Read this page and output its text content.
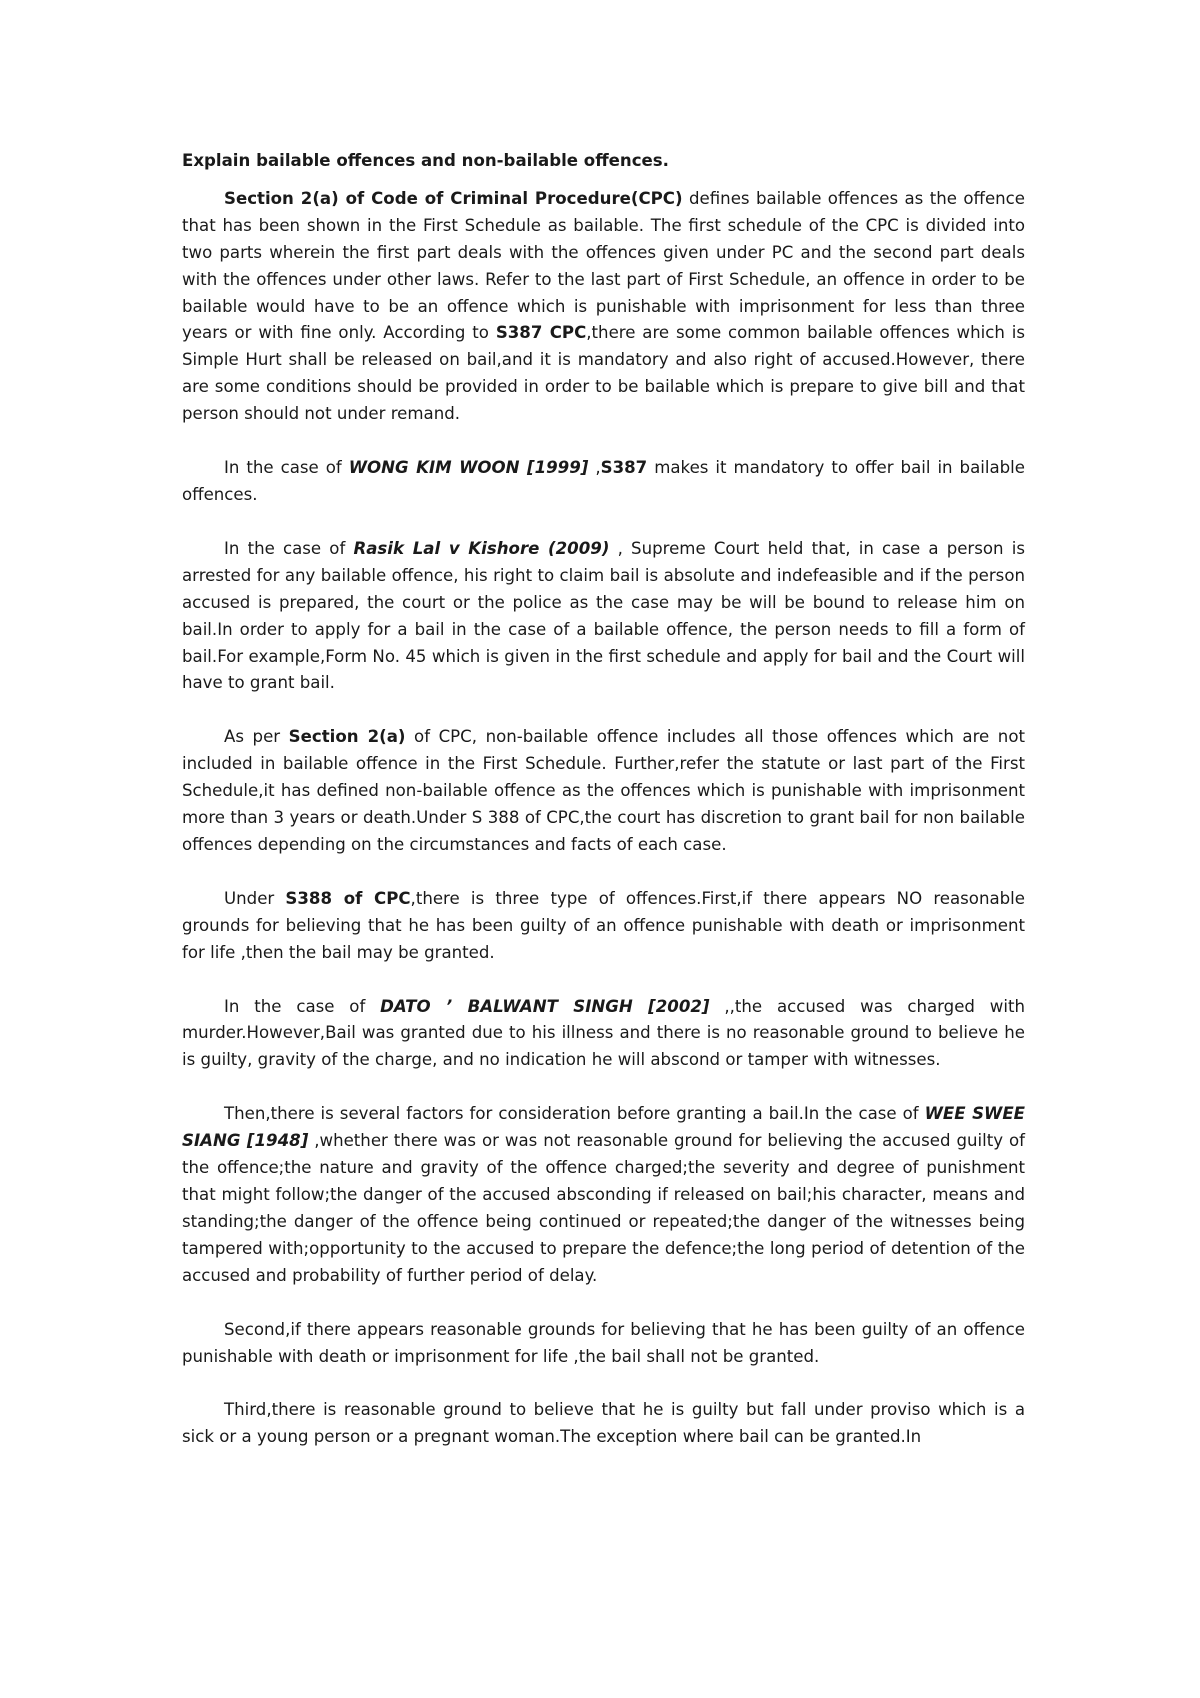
Explain bailable offences and non-bailable offences.

Section 2(a) of Code of Criminal Procedure(CPC) defines bailable offences as the offence that has been shown in the First Schedule as bailable. The first schedule of the CPC is divided into two parts wherein the first part deals with the offences given under PC and the second part deals with the offences under other laws. Refer to the last part of First Schedule, an offence in order to be bailable would have to be an offence which is punishable with imprisonment for less than three years or with fine only. According to S387 CPC,there are some common bailable offences which is Simple Hurt shall be released on bail,and it is mandatory and also right of accused.However, there are some conditions should be provided in order to be bailable which is prepare to give bill and that person should not under remand.

In the case of WONG KIM WOON [1999] ,S387 makes it mandatory to offer bail in bailable offences.

In the case of Rasik Lal v Kishore (2009) , Supreme Court held that, in case a person is arrested for any bailable offence, his right to claim bail is absolute and indefeasible and if the person accused is prepared, the court or the police as the case may be will be bound to release him on bail.In order to apply for a bail in the case of a bailable offence, the person needs to fill a form of bail.For example,Form No. 45 which is given in the first schedule and apply for bail and the Court will have to grant bail.

As per Section 2(a) of CPC, non-bailable offence includes all those offences which are not included in bailable offence in the First Schedule. Further,refer the statute or last part of the First Schedule,it has defined non-bailable offence as the offences which is punishable with imprisonment more than 3 years or death.Under S 388 of CPC,the court has discretion to grant bail for non bailable offences depending on the circumstances and facts of each case.

Under S388 of CPC,there is three type of offences.First,if there appears NO reasonable grounds for believing that he has been guilty of an offence punishable with death or imprisonment for life ,then the bail may be granted.

In the case of DATO ’ BALWANT SINGH [2002] ,,the accused was charged with murder.However,Bail was granted due to his illness and there is no reasonable ground to believe he is guilty, gravity of the charge, and no indication he will abscond or tamper with witnesses.

Then,there is several factors for consideration before granting a bail.In the case of WEE SWEE SIANG [1948] ,whether there was or was not reasonable ground for believing the accused guilty of the offence;the nature and gravity of the offence charged;the severity and degree of punishment that might follow;the danger of the accused absconding if released on bail;his character, means and standing;the danger of the offence being continued or repeated;the danger of the witnesses being tampered with;opportunity to the accused to prepare the defence;the long period of detention of the accused and probability of further period of delay.

Second,if there appears reasonable grounds for believing that he has been guilty of an offence punishable with death or imprisonment for life ,the bail shall not be granted.

Third,there is reasonable ground to believe that he is guilty but fall under proviso which is a sick or a young person or a pregnant woman.The exception where bail can be granted.In
